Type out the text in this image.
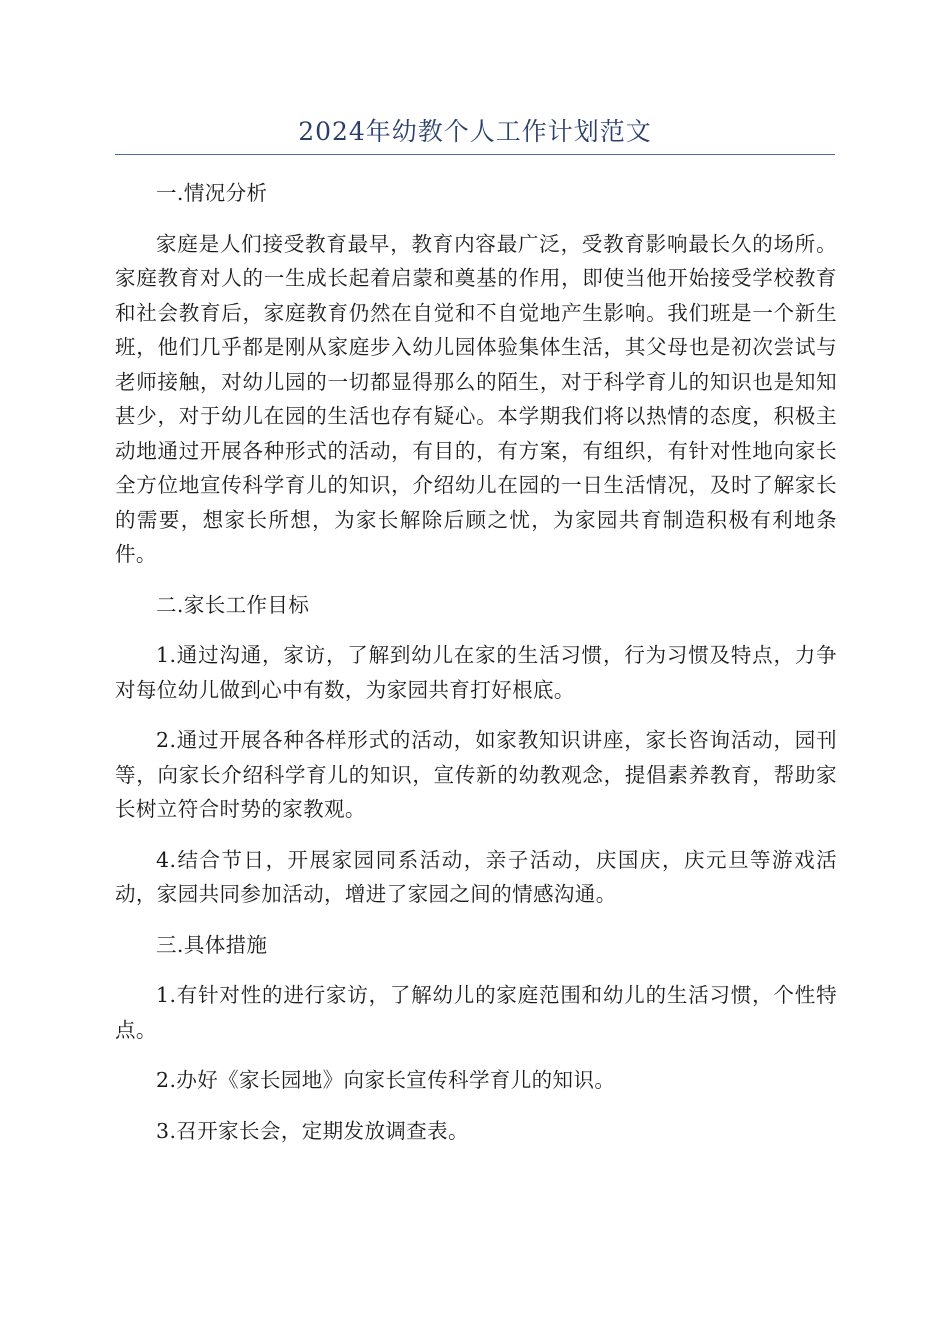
2024年幼教个人工作计划范文

一.情况分析

家庭是人们接受教育最早，教育内容最广泛，受教育影响最长久的场所。家庭教育对人的一生成长起着启蒙和奠基的作用，即使当他开始接受学校教育和社会教育后，家庭教育仍然在自觉和不自觉地产生影响。我们班是一个新生班，他们几乎都是刚从家庭步入幼儿园体验集体生活，其父母也是初次尝试与老师接触，对幼儿园的一切都显得那么的陌生，对于科学育儿的知识也是知知甚少，对于幼儿在园的生活也存有疑心。本学期我们将以热情的态度，积极主动地通过开展各种形式的活动，有目的，有方案，有组织，有针对性地向家长全方位地宣传科学育儿的知识，介绍幼儿在园的一日生活情况，及时了解家长的需要，想家长所想，为家长解除后顾之忧，为家园共育制造积极有利地条件。

二.家长工作目标

1.通过沟通，家访，了解到幼儿在家的生活习惯，行为习惯及特点，力争对每位幼儿做到心中有数，为家园共育打好根底。

2.通过开展各种各样形式的活动，如家教知识讲座，家长咨询活动，园刊等，向家长介绍科学育儿的知识，宣传新的幼教观念，提倡素养教育，帮助家长树立符合时势的家教观。

4.结合节日，开展家园同系活动，亲子活动，庆国庆，庆元旦等游戏活动，家园共同参加活动，增进了家园之间的情感沟通。

三.具体措施

1.有针对性的进行家访，了解幼儿的家庭范围和幼儿的生活习惯，个性特点。

2.办好《家长园地》向家长宣传科学育儿的知识。

3.召开家长会，定期发放调查表。
